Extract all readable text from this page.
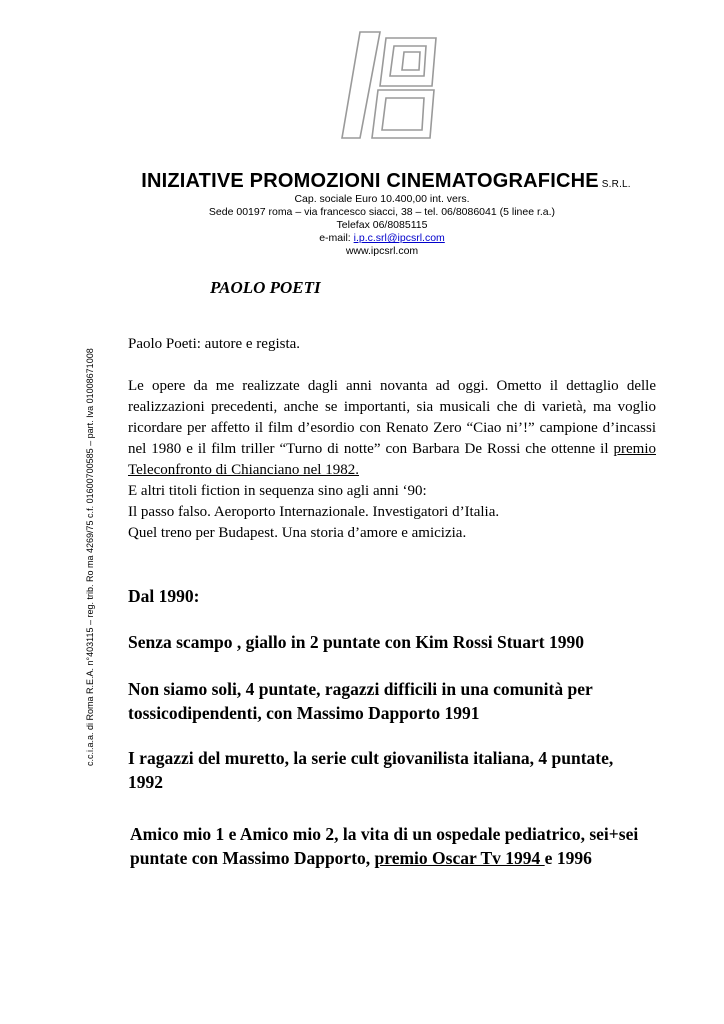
INIZIATIVE PROMOZIONI CINEMATOGRAFICHE S.R.L.
Cap. sociale Euro 10.400,00 int. vers.
Sede 00197 roma – via francesco siacci, 38 – tel. 06/8086041 (5 linee r.a.)
Telefax 06/8085115
e-mail: i.p.c.srl@ipcsrl.com
www.ipcsrl.com
c.c.i.a.a. di Roma R.E.A. n°403115 – reg. trib. Ro ma 4269/75 c.f. 01600700585 – part. Iva 01008671008
PAOLO POETI

Paolo Poeti: autore e regista.

Le opere da me realizzate dagli anni novanta ad oggi. Ometto il dettaglio delle realizzazioni precedenti, anche se importanti, sia musicali che di varietà, ma voglio ricordare per affetto il film d’esordio con Renato Zero “Ciao ni’!” campione d’incassi nel 1980 e il film triller “Turno di notte” con Barbara De Rossi che ottenne il premio Teleconfronto di Chianciano nel 1982.

E altri titoli fiction in sequenza sino agli anni ‘90:

Il passo falso. Aeroporto Internazionale. Investigatori d’Italia.

Quel treno per Budapest. Una storia d’amore e amicizia.

Dal 1990:
Senza scampo , giallo in 2 puntate con Kim Rossi Stuart 1990
Non siamo soli, 4 puntate, ragazzi difficili in una comunità per tossicodipendenti, con Massimo Dapporto 1991
I ragazzi del muretto, la serie cult giovanilista italiana, 4 puntate, 1992
Amico mio 1 e Amico mio 2, la vita di un ospedale pediatrico, sei+sei puntate con Massimo Dapporto, premio Oscar Tv 1994 e 1996
